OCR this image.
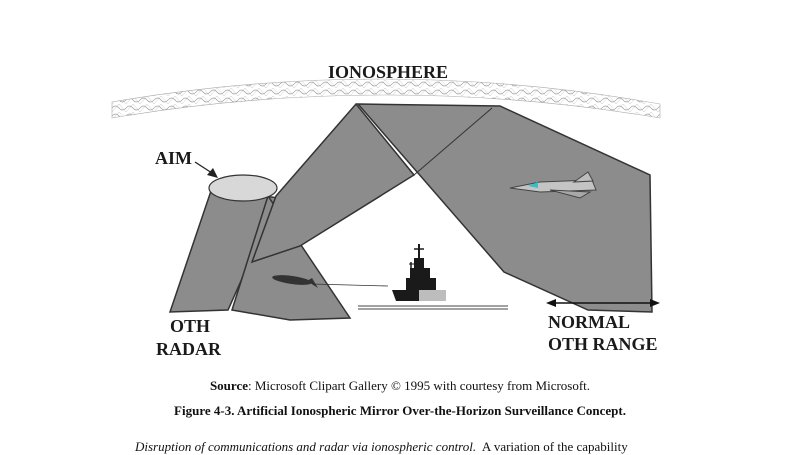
IONOSPHERE
AIM
OTH
RADAR
NORMAL
OTH RANGE
Source: Microsoft Clipart Gallery © 1995 with courtesy from Microsoft.
Figure 4-3. Artificial Ionospheric Mirror Over-the-Horizon Surveillance Concept.
Disruption of communications and radar via ionospheric control.  A variation of the capability
